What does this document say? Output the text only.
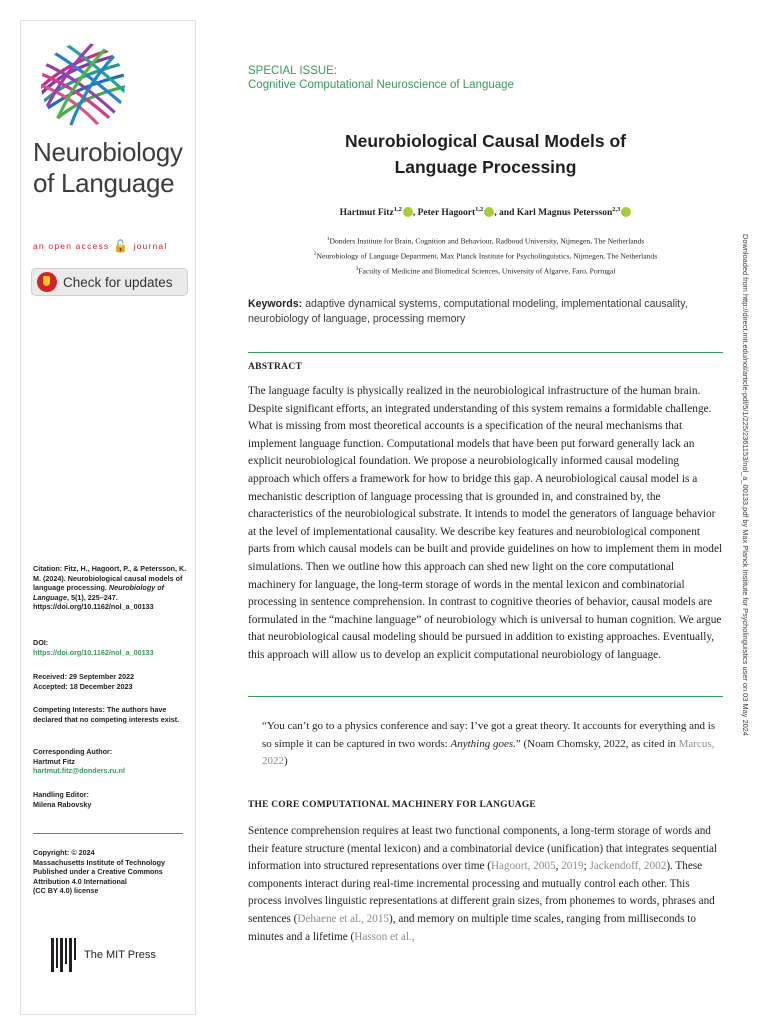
Neurobiology
of Language
an open access 🔓 journal
Check for updates
Citation: Fitz, H., Hagoort, P., & Petersson, K. M. (2024). Neurobiological causal models of language processing. Neurobiology of Language, 5(1), 225–247. https://doi.org/10.1162/nol_a_00133
DOI:
https://doi.org/10.1162/nol_a_00133
Received: 29 September 2022
Accepted: 18 December 2023
Competing Interests: The authors have declared that no competing interests exist.
Corresponding Author:
Hartmut Fitz
hartmut.fitz@donders.ru.nl
Handling Editor:
Milena Rabovsky
Copyright: © 2024
Massachusetts Institute of Technology
Published under a Creative Commons
Attribution 4.0 International
(CC BY 4.0) license
The MIT Press
SPECIAL ISSUE:
Cognitive Computational Neuroscience of Language
Neurobiological Causal Models of
Language Processing
Hartmut Fitz$^{1,2}$ , Peter Hagoort$^{1,2}$ , and Karl Magnus Petersson$^{2,3}$
$^1$Donders Institute for Brain, Cognition and Behaviour, Radboud University, Nijmegen, The Netherlands
$^2$Neurobiology of Language Department, Max Planck Institute for Psycholinguistics, Nijmegen, The Netherlands
$^3$Faculty of Medicine and Biomedical Sciences, University of Algarve, Faro, Portugal
Keywords: adaptive dynamical systems, computational modeling, implementational causality, neurobiology of language, processing memory
ABSTRACT
The language faculty is physically realized in the neurobiological infrastructure of the human brain. Despite significant efforts, an integrated understanding of this system remains a formidable challenge. What is missing from most theoretical accounts is a specification of the neural mechanisms that implement language function. Computational models that have been put forward generally lack an explicit neurobiological foundation. We propose a neurobiologically informed causal modeling approach which offers a framework for how to bridge this gap. A neurobiological causal model is a mechanistic description of language processing that is grounded in, and constrained by, the characteristics of the neurobiological substrate. It intends to model the generators of language behavior at the level of implementational causality. We describe key features and neurobiological component parts from which causal models can be built and provide guidelines on how to implement them in model simulations. Then we outline how this approach can shed new light on the core computational machinery for language, the long-term storage of words in the mental lexicon and combinatorial processing in sentence comprehension. In contrast to cognitive theories of behavior, causal models are formulated in the “machine language” of neurobiology which is universal to human cognition. We argue that neurobiological causal modeling should be pursued in addition to existing approaches. Eventually, this approach will allow us to develop an explicit computational neurobiology of language.
“You can’t go to a physics conference and say: I’ve got a great theory. It accounts for everything and is so simple it can be captured in two words: Anything goes.” (Noam Chomsky, 2022, as cited in Marcus, 2022)
THE CORE COMPUTATIONAL MACHINERY FOR LANGUAGE
Sentence comprehension requires at least two functional components, a long-term storage of words and their feature structure (mental lexicon) and a combinatorial device (unification) that integrates sequential information into structured representations over time (Hagoort, 2005, 2019; Jackendoff, 2002). These components interact during real-time incremental processing and mutually control each other. This process involves linguistic representations at different grain sizes, from phonemes to words, phrases and sentences (Dehaene et al., 2015), and memory on multiple time scales, ranging from milliseconds to minutes and a lifetime (Hasson et al.,
Downloaded from http://direct.mit.edu/nol/article-pdf/5/1/225/2361153/nol_a_00133.pdf by Max Planck Institute for Psycholinguistics user on 03 May 2024
